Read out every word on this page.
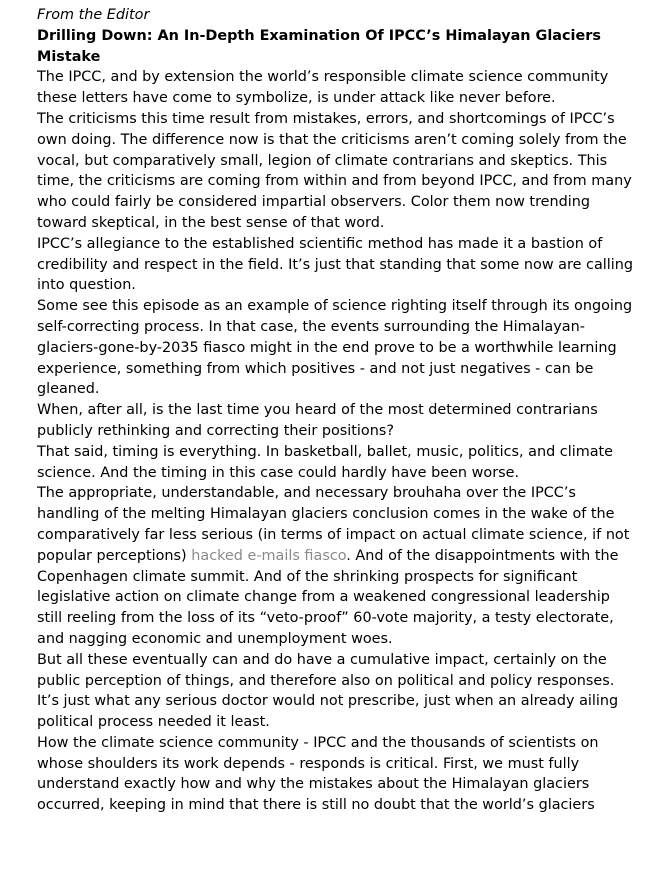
From the Editor

Drilling Down: An In-Depth Examination Of IPCC’s Himalayan Glaciers Mistake

The IPCC, and by extension the world’s responsible climate science community these letters have come to symbolize, is under attack like never before.

The criticisms this time result from mistakes, errors, and shortcomings of IPCC’s own doing. The difference now is that the criticisms aren’t coming solely from the vocal, but comparatively small, legion of climate contrarians and skeptics. This time, the criticisms are coming from within and from beyond IPCC, and from many who could fairly be considered impartial observers. Color them now trending toward skeptical, in the best sense of that word.

IPCC’s allegiance to the established scientific method has made it a bastion of credibility and respect in the field. It’s just that standing that some now are calling into question.

Some see this episode as an example of science righting itself through its ongoing self-correcting process. In that case, the events surrounding the Himalayan-glaciers-gone-by-2035 fiasco might in the end prove to be a worthwhile learning experience, something from which positives - and not just negatives - can be gleaned.

When, after all, is the last time you heard of the most determined contrarians publicly rethinking and correcting their positions?

That said, timing is everything. In basketball, ballet, music, politics, and climate science. And the timing in this case could hardly have been worse.

The appropriate, understandable, and necessary brouhaha over the IPCC’s handling of the melting Himalayan glaciers conclusion comes in the wake of the comparatively far less serious (in terms of impact on actual climate science, if not popular perceptions) hacked e-mails fiasco. And of the disappointments with the Copenhagen climate summit. And of the shrinking prospects for significant legislative action on climate change from a weakened congressional leadership still reeling from the loss of its “veto-proof” 60-vote majority, a testy electorate, and nagging economic and unemployment woes.

But all these eventually can and do have a cumulative impact, certainly on the public perception of things, and therefore also on political and policy responses.

It’s just what any serious doctor would not prescribe, just when an already ailing political process needed it least.

How the climate science community - IPCC and the thousands of scientists on whose shoulders its work depends - responds is critical. First, we must fully understand exactly how and why the mistakes about the Himalayan glaciers occurred, keeping in mind that there is still no doubt that the world’s glaciers
